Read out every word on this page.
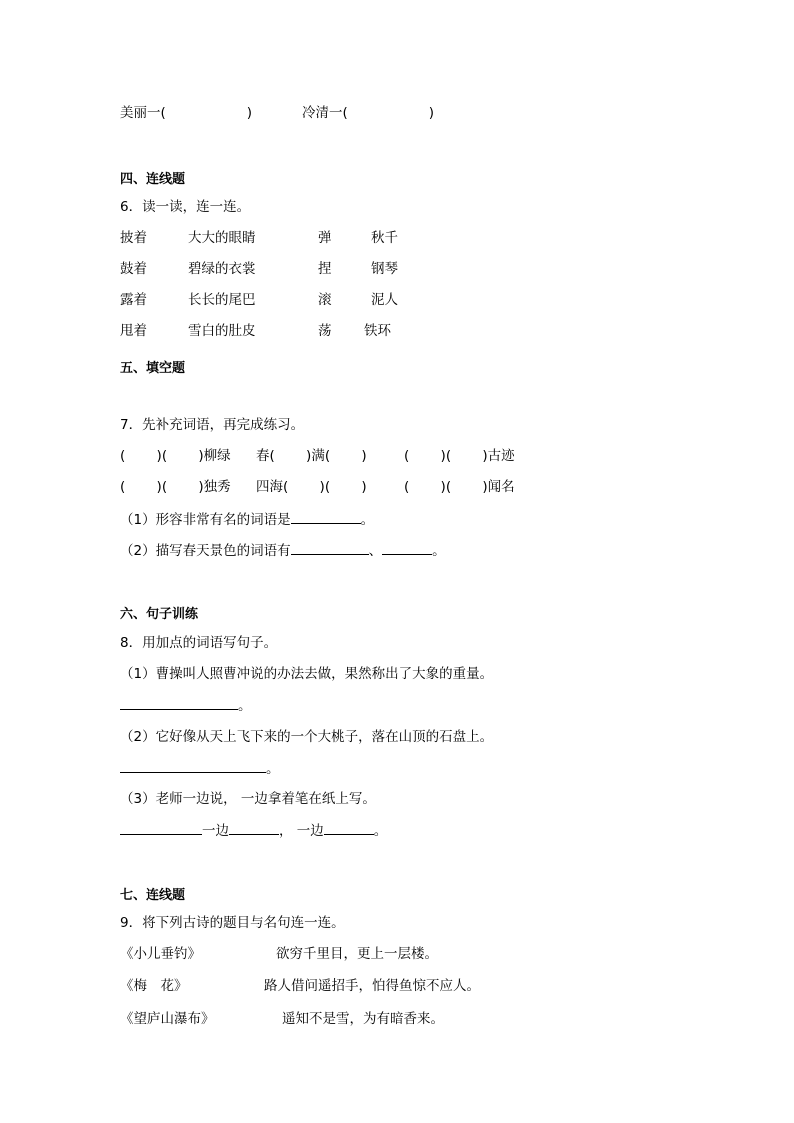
美丽一(　　　　　　)	冷清一(　　　　　　)
四、连线题
6．读一读，连一连。
披着	大大的眼睛	弹	秋千
鼓着	碧绿的衣裳	捏	钢琴
露着	长长的尾巴	滚	泥人
甩着	雪白的肚皮	荡 铁环
五、填空题
7．先补充词语，再完成练习。
(　　 )(　　 )柳绿 春(　　 )满(　　 )	(　　 )(　　 )古迹
(　　 )(　　 )独秀 四海(　　 )(　　 )	(　　 )(　　 )闻名
（1）形容非常有名的词语是	。
（2）描写春天景色的词语有	、	。
六、句子训练
8．用加点的词语写句子。
（1）曹操叫人照曹冲说的办法去做，果然称出了大象的重量。
。
（2）它好像从天上飞下来的一个大桃子，落在山顶的石盘上。
。
（3）老师一边说， 一边拿着笔在纸上写。
一边	， 一边	。
七、连线题
9．将下列古诗的题目与名句连一连。
《小儿垂钓》	欲穷千里目，更上一层楼。
《梅　花》	路人借问遥招手，怕得鱼惊不应人。
《望庐山瀑布》	遥知不是雪，为有暗香来。
